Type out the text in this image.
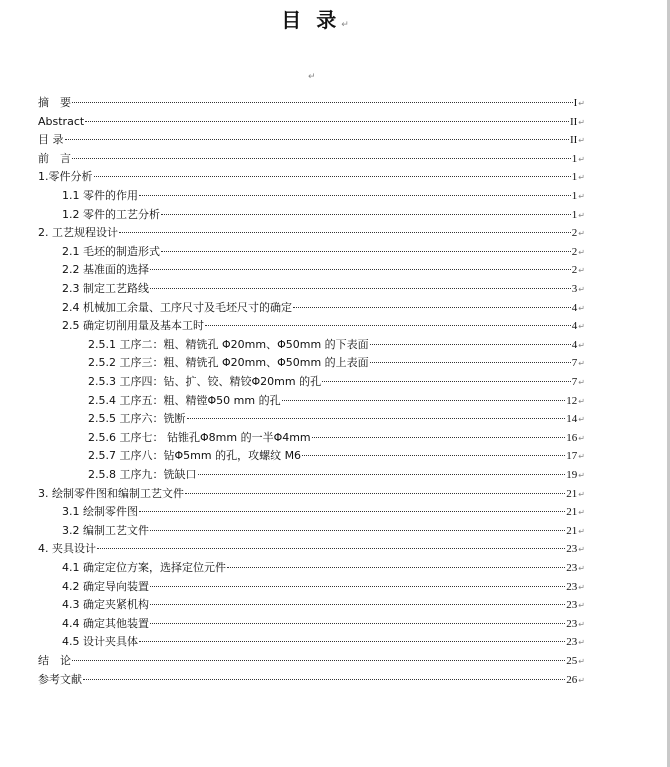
目 录↵
↵
摘　要	I ↵
Abstract	II ↵
目 录	II ↵
前　言	1 ↵
1.零件分析	1 ↵
1.1 零件的作用	1 ↵
1.2 零件的工艺分析	1 ↵
2. 工艺规程设计	2 ↵
2.1 毛坯的制造形式	2 ↵
2.2 基准面的选择	2 ↵
2.3 制定工艺路线	3 ↵
2.4 机械加工余量、工序尺寸及毛坯尺寸的确定	4 ↵
2.5 确定切削用量及基本工时	4 ↵
2.5.1 工序二：粗、精铣孔 Φ20mm、Φ50mm 的下表面	4 ↵
2.5.2 工序三：粗、精铣孔 Φ20mm、Φ50mm 的上表面	7 ↵
2.5.3 工序四：钻、扩、铰、精铰Φ20mm 的孔	7 ↵
2.5.4 工序五：粗、精镗Φ50 mm 的孔	12 ↵
2.5.5 工序六：铣断	14 ↵
2.5.6 工序七： 钻锥孔Φ8mm 的一半Φ4mm	16 ↵
2.5.7 工序八：钻Φ5mm 的孔，攻螺纹 M6	17 ↵
2.5.8 工序九：铣缺口	19 ↵
3. 绘制零件图和编制工艺文件	21 ↵
3.1 绘制零件图	21 ↵
3.2 编制工艺文件	21 ↵
4. 夹具设计	23 ↵
4.1 确定定位方案，选择定位元件	23 ↵
4.2 确定导向装置	23 ↵
4.3 确定夹紧机构	23 ↵
4.4 确定其他装置	23 ↵
4.5 设计夹具体	23 ↵
结　论	25 ↵
参考文献	26 ↵
